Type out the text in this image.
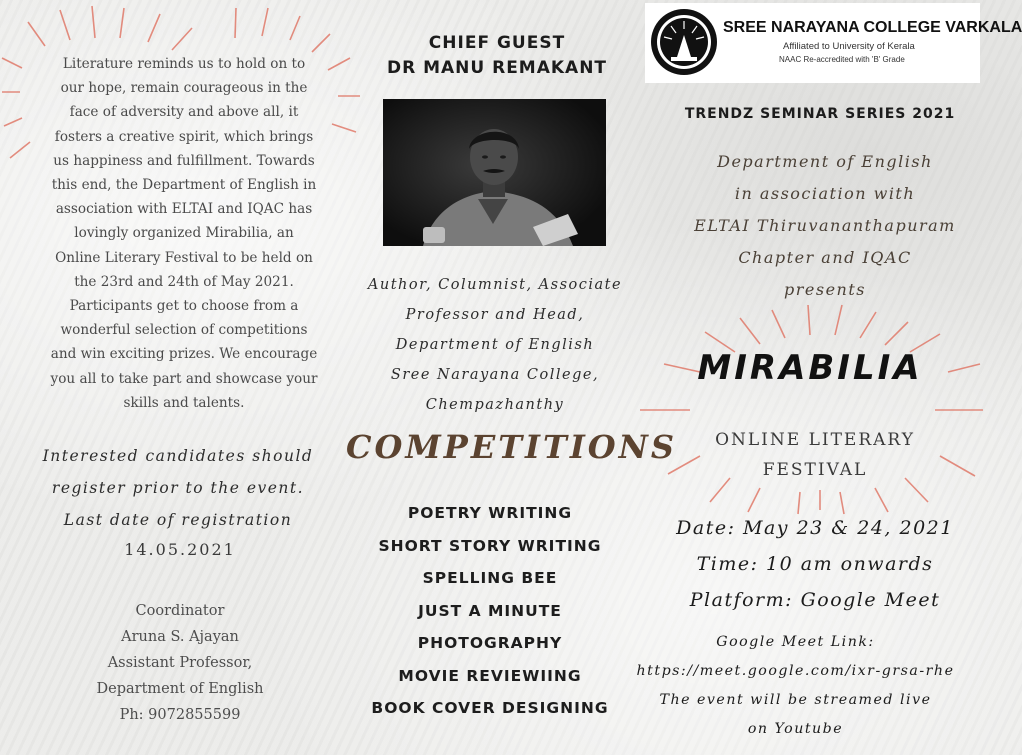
Literature reminds us to hold on to
our hope, remain courageous in the
face of adversity and above all, it
fosters a creative spirit, which brings
us happiness and fulfillment. Towards
this end, the Department of English in
association with ELTAI and IQAC has
lovingly organized Mirabilia, an
Online Literary Festival to be held on
the 23rd and 24th of May 2021.
Participants get to choose from a
wonderful selection of competitions
and win exciting prizes. We encourage
you all to take part and showcase your
skills and talents.
Interested candidates should
register prior to the event.
Last date of registration
14.05.2021
Coordinator
Aruna S. Ajayan
Assistant Professor,
Department of English
Ph: 9072855599
CHIEF GUEST
DR MANU REMAKANT
Author, Columnist, Associate
Professor and Head,
Department of English
Sree Narayana College,
Chempazhanthy
COMPETITIONS
POETRY WRITING
SHORT STORY WRITING
SPELLING BEE
JUST A MINUTE
PHOTOGRAPHY
MOVIE REVIEWIING
BOOK COVER DESIGNING
SREE NARAYANA COLLEGE VARKALA
Affiliated to University of Kerala
NAAC Re-accredited with 'B' Grade
TRENDZ SEMINAR SERIES 2021
Department of English
in association with
ELTAI Thiruvananthapuram
Chapter and IQAC
presents
MIRABILIA
ONLINE LITERARY
FESTIVAL
Date: May 23 & 24, 2021
Time: 10 am onwards
Platform: Google Meet
Google Meet Link:
https://meet.google.com/ixr-grsa-rhe
The event will be streamed live
on Youtube
